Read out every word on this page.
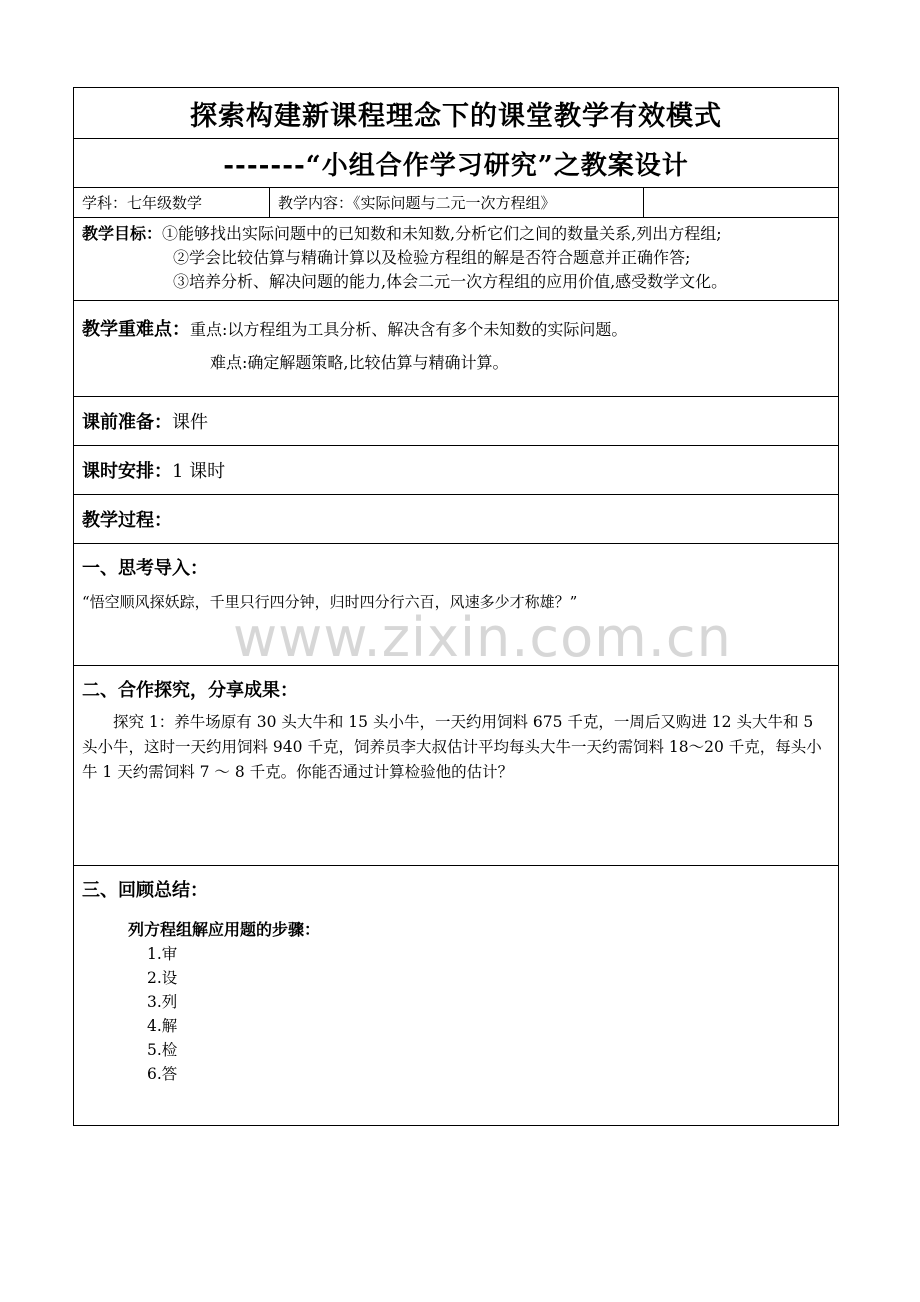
探索构建新课程理念下的课堂教学有效模式
-------“小组合作学习研究”之教案设计
学科：七年级数学	教学内容：《实际问题与二元一次方程组》
教学目标：①能够找出实际问题中的已知数和未知数,分析它们之间的数量关系,列出方程组;
②学会比较估算与精确计算以及检验方程组的解是否符合题意并正确作答;
③培养分析、解决问题的能力,体会二元一次方程组的应用价值,感受数学文化。
教学重难点：重点:以方程组为工具分析、解决含有多个未知数的实际问题。
难点:确定解题策略,比较估算与精确计算。
课前准备： 课件
课时安排： 1 课时
教学过程：
一、思考导入：
“悟空顺风探妖踪，千里只行四分钟，归时四分行六百，风速多少才称雄？”
二、合作探究，分享成果：
探究 1：养牛场原有 30 头大牛和 15 头小牛，一天约用饲料 675 千克，一周后又购进 12 头大牛和 5 头小牛，这时一天约用饲料 940 千克，饲养员李大叔估计平均每头大牛一天约需饲料 18～20 千克，每头小牛 1 天约需饲料 7 ～ 8 千克。你能否通过计算检验他的估计？
三、回顾总结：
列方程组解应用题的步骤：
1.审
2.设
3.列
4.解
5.检
6.答
www.zixin.com.cn
